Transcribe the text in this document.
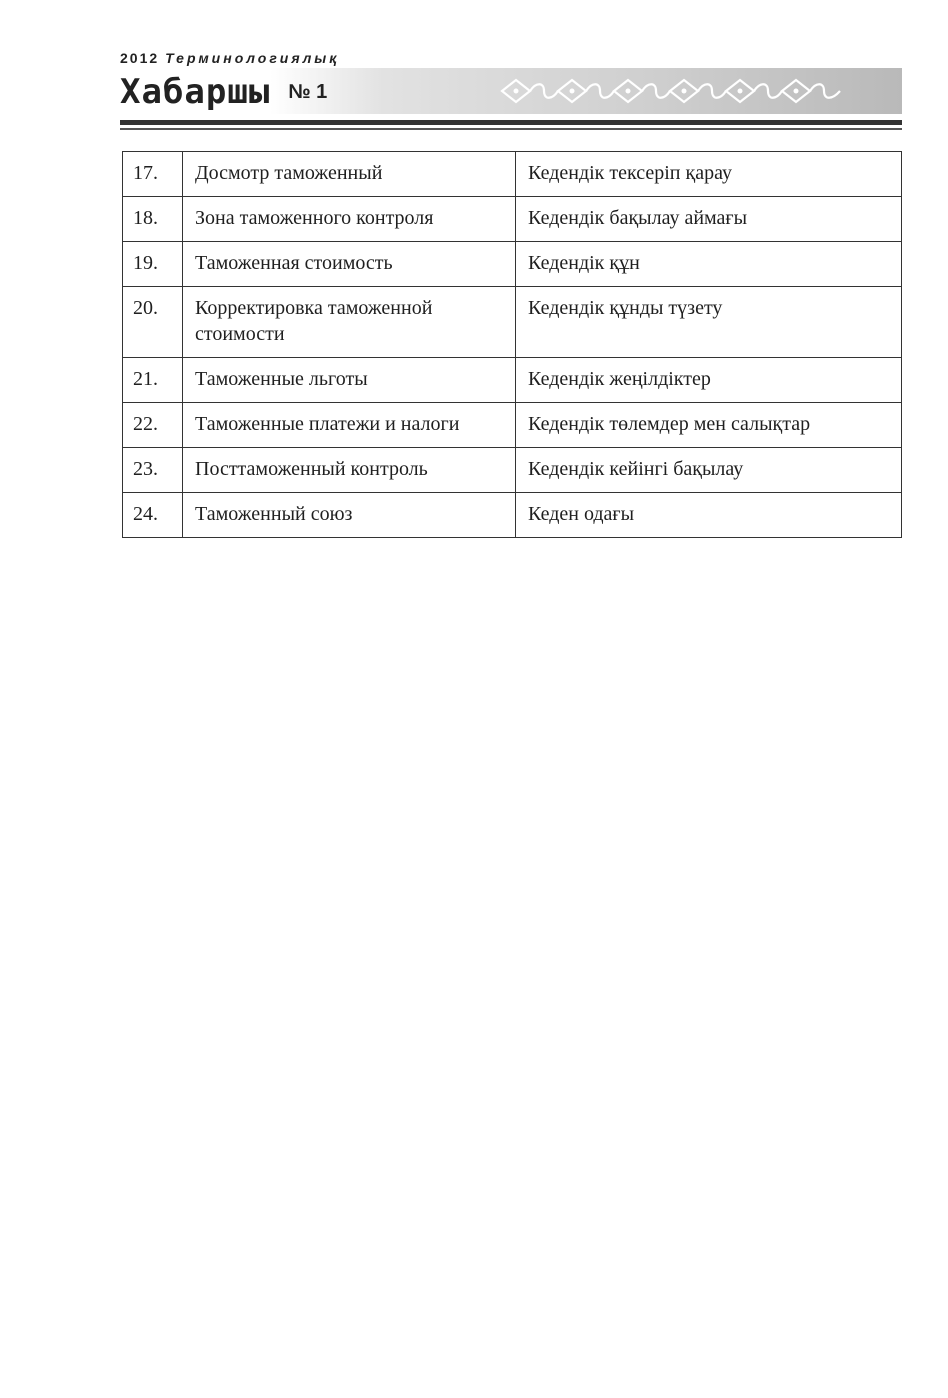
2012 Терминологиялық
Хабаршы № 1
17.	Досмотр таможенный	Кедендік тексеріп қарау
18.	Зона таможенного контроля	Кедендік бақылау аймағы
19.	Таможенная стоимость	Кедендік құн
20.	Корректировка таможенной стоимости	Кедендік құнды түзету
21.	Таможенные льготы	Кедендік жеңілдіктер
22.	Таможенные платежи и налоги	Кедендік төлемдер мен салықтар
23.	Посттаможенный контроль	Кедендік кейінгі бақылау
24.	Таможенный союз	Кеден одағы
